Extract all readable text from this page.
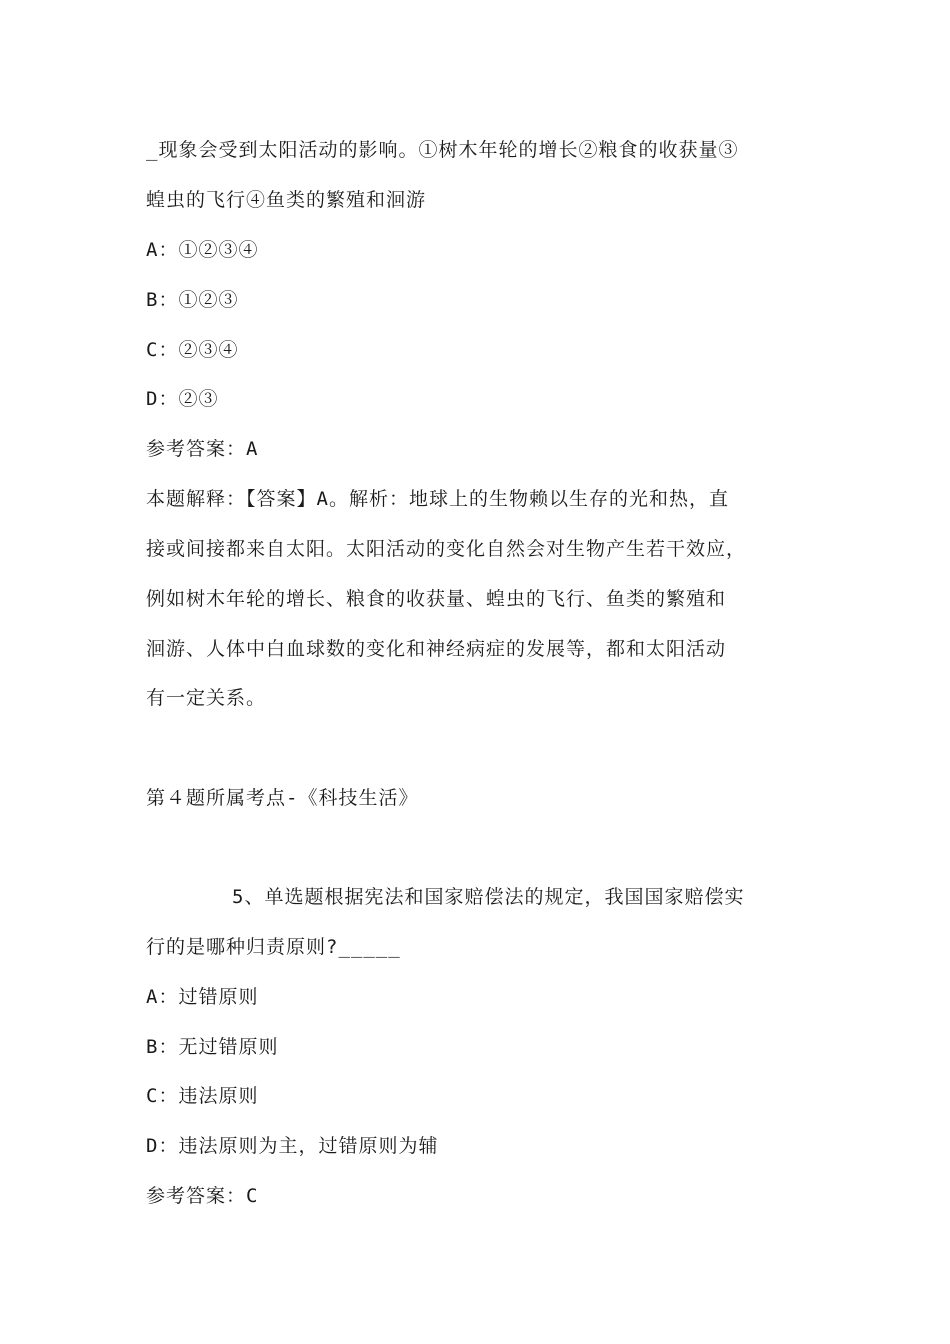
_现象会受到太阳活动的影响。①树木年轮的增长②粮食的收获量③
蝗虫的飞行④鱼类的繁殖和洄游
A：①②③④
B：①②③
C：②③④
D：②③
参考答案：A
本题解释：【答案】A。解析：地球上的生物赖以生存的光和热，直
接或间接都来自太阳。太阳活动的变化自然会对生物产生若干效应，
例如树木年轮的增长、粮食的收获量、蝗虫的飞行、鱼类的繁殖和
洄游、人体中白血球数的变化和神经病症的发展等，都和太阳活动
有一定关系。
第４题所属考点-《科技生活》
5、单选题根据宪法和国家赔偿法的规定，我国国家赔偿实
行的是哪种归责原则?_____
A：过错原则
B：无过错原则
C：违法原则
D：违法原则为主，过错原则为辅
参考答案：C
